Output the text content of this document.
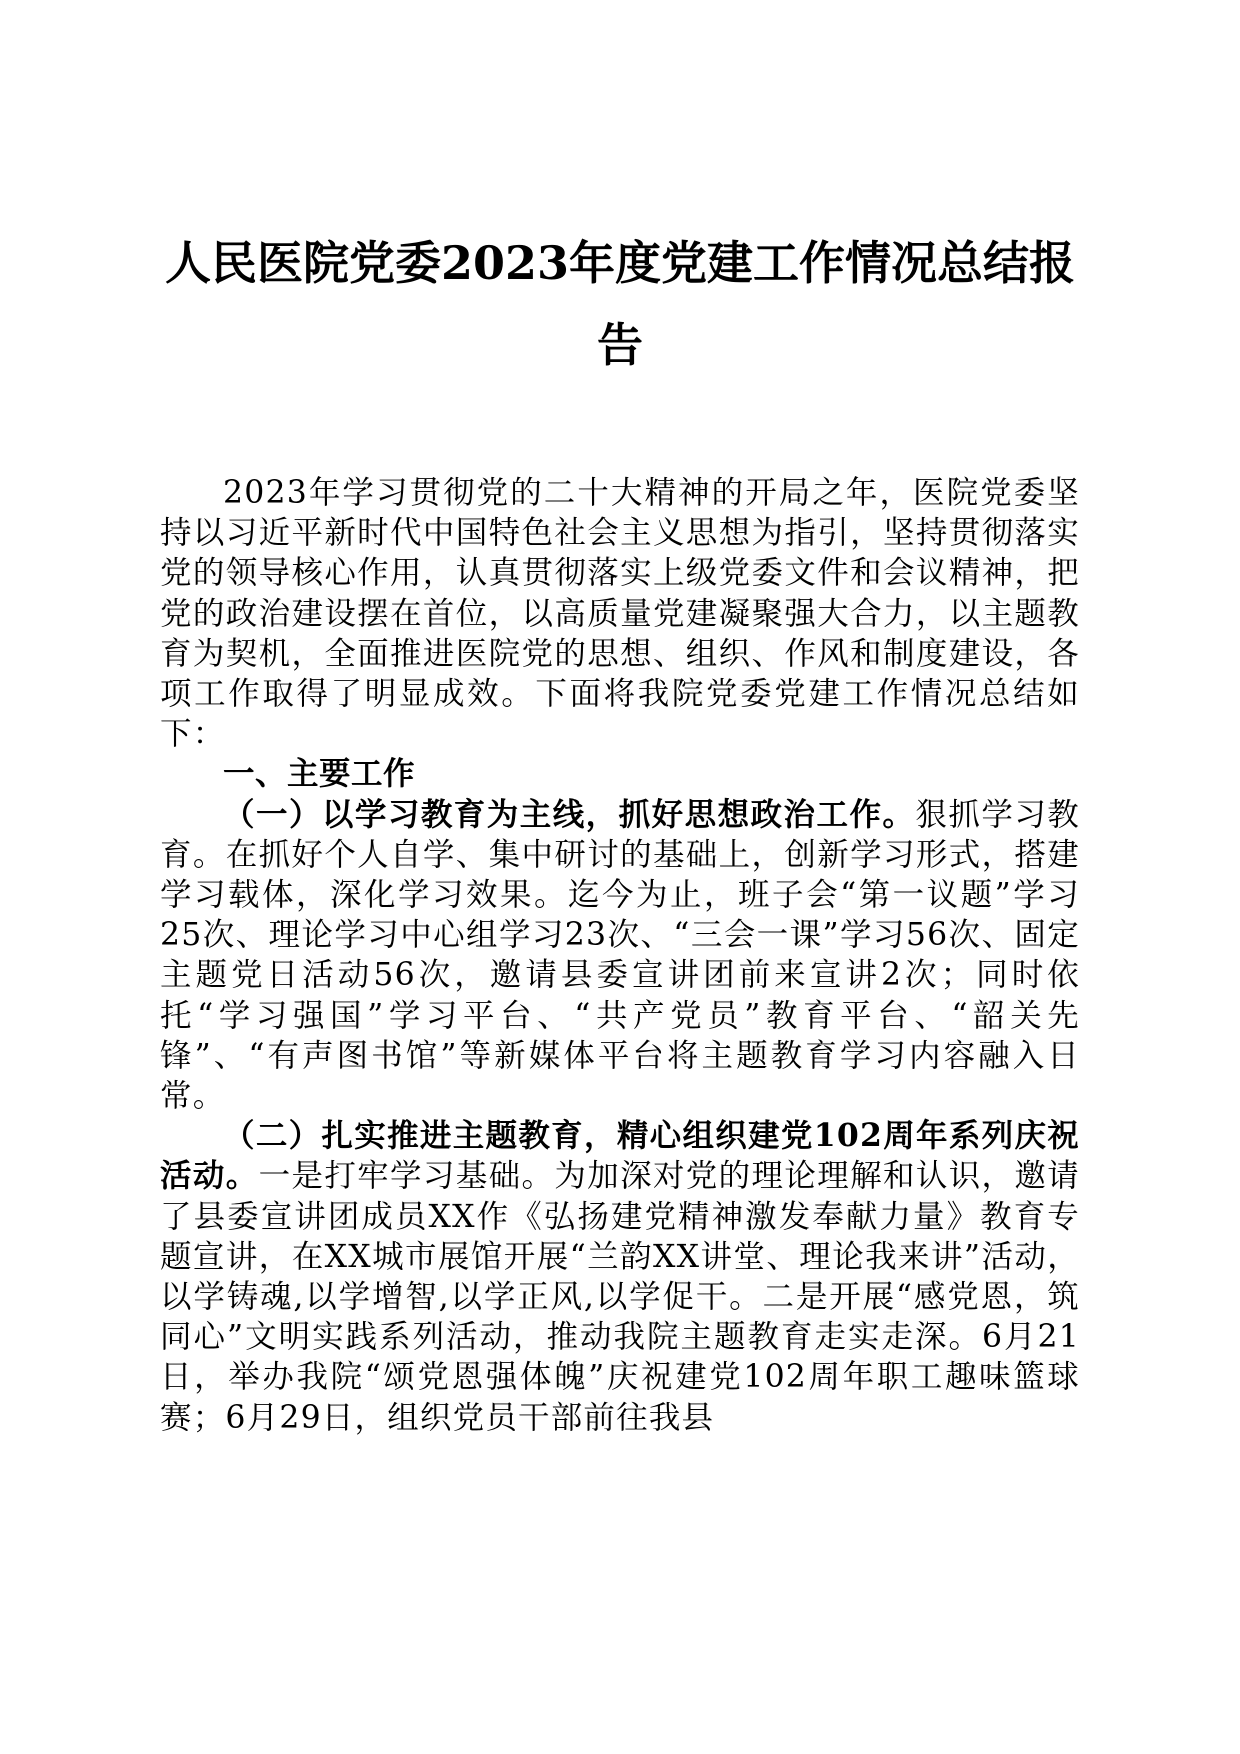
人民医院党委2023年度党建工作情况总结报
告

2023年学习贯彻党的二十大精神的开局之年，医院党委坚持以习近平新时代中国特色社会主义思想为指引，坚持贯彻落实党的领导核心作用，认真贯彻落实上级党委文件和会议精神，把党的政治建设摆在首位，以高质量党建凝聚强大合力，以主题教育为契机，全面推进医院党的思想、组织、作风和制度建设，各项工作取得了明显成效。下面将我院党委党建工作情况总结如下：

一、主要工作

（一）以学习教育为主线，抓好思想政治工作。狠抓学习教育。在抓好个人自学、集中研讨的基础上，创新学习形式，搭建学习载体，深化学习效果。迄今为止，班子会“第一议题”学习25次、理论学习中心组学习23次、“三会一课”学习56次、固定主题党日活动56次，邀请县委宣讲团前来宣讲2次；同时依托“学习强国”学习平台、“共产党员”教育平台、“韶关先锋”、“有声图书馆”等新媒体平台将主题教育学习内容融入日常。

（二）扎实推进主题教育，精心组织建党102周年系列庆祝活动。一是打牢学习基础。为加深对党的理论理解和认识，邀请了县委宣讲团成员XX作《弘扬建党精神激发奉献力量》教育专题宣讲，在XX城市展馆开展“兰韵XX讲堂、理论我来讲”活动，以学铸魂,以学增智,以学正风,以学促干。二是开展“感党恩，筑同心”文明实践系列活动，推动我院主题教育走实走深。6月21日，举办我院“颂党恩强体魄”庆祝建党102周年职工趣味篮球赛；6月29日，组织党员干部前往我县
